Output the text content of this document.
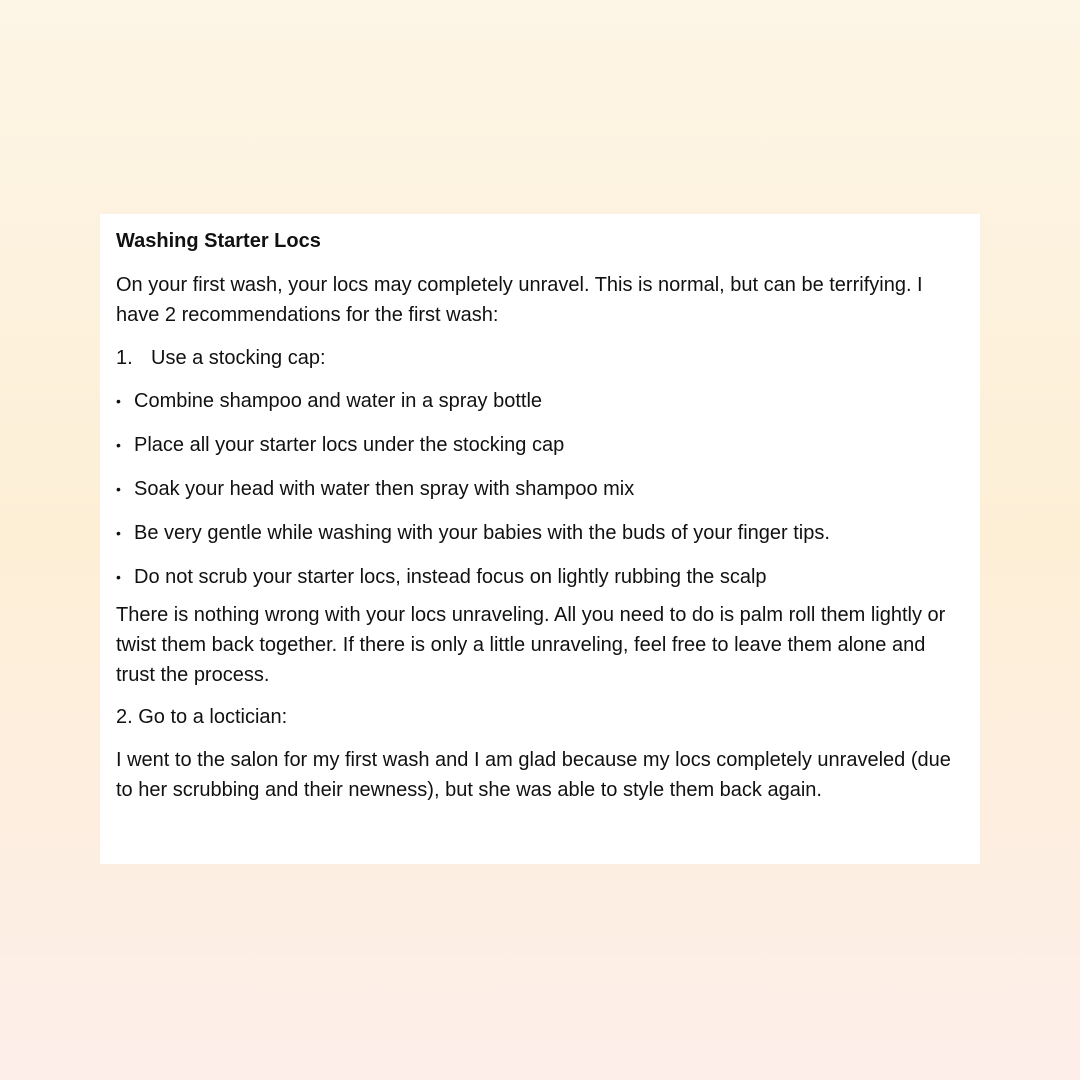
Washing Starter Locs

On your first wash, your locs may completely unravel. This is normal, but can be terrifying. I have 2 recommendations for the first wash:

1. Use a stocking cap:

• Combine shampoo and water in a spray bottle
• Place all your starter locs under the stocking cap
• Soak your head with water then spray with shampoo mix
• Be very gentle while washing with your babies with the buds of your finger tips.
• Do not scrub your starter locs, instead focus on lightly rubbing the scalp

There is nothing wrong with your locs unraveling. All you need to do is palm roll them lightly or twist them back together. If there is only a little unraveling, feel free to leave them alone and trust the process.

2. Go to a loctician:

I went to the salon for my first wash and I am glad because my locs completely unraveled (due to her scrubbing and their newness), but she was able to style them back again.
